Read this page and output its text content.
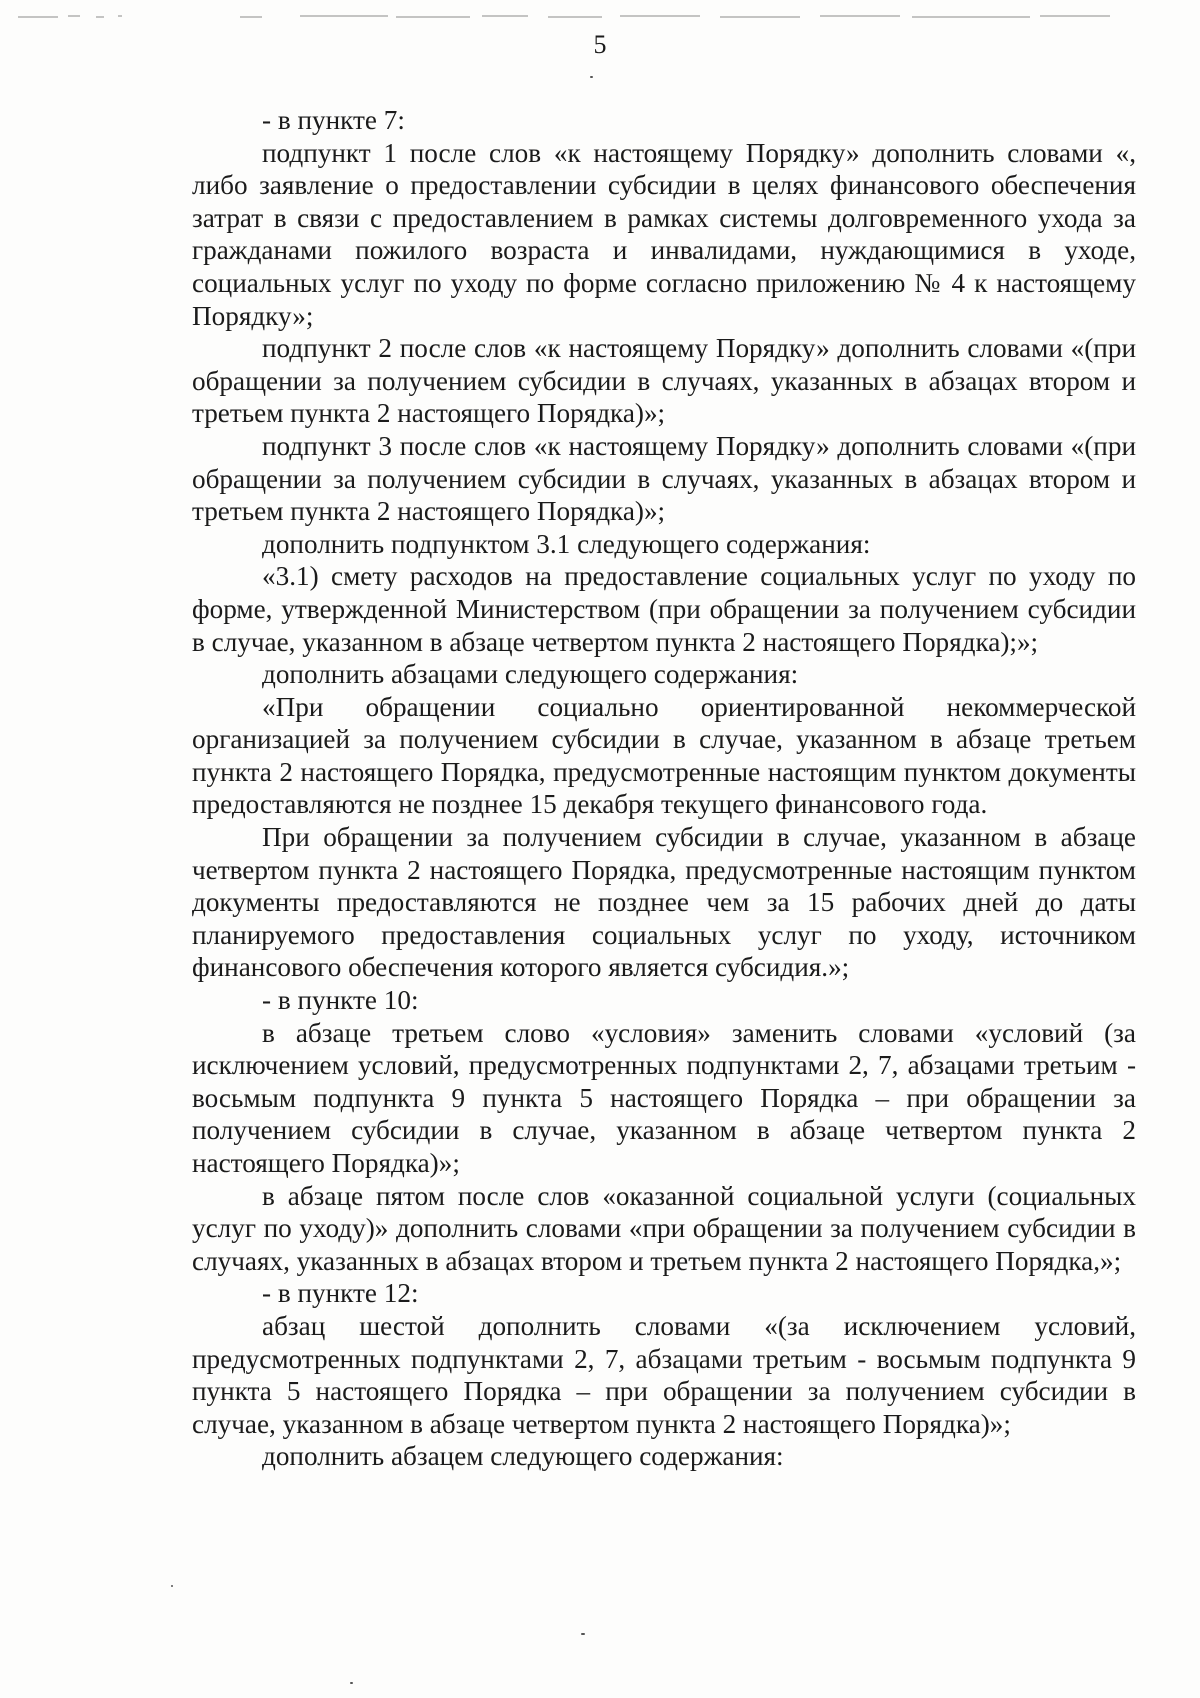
5

- в пункте 7:

подпункт 1 после слов «к настоящему Порядку» дополнить словами «, либо заявление о предоставлении субсидии в целях финансового обеспечения затрат в связи с предоставлением в рамках системы долговременного ухода за гражданами пожилого возраста и инвалидами, нуждающимися в уходе, социальных услуг по уходу по форме согласно приложению № 4 к настоящему Порядку»;

подпункт 2 после слов «к настоящему Порядку» дополнить словами «(при обращении за получением субсидии в случаях, указанных в абзацах втором и третьем пункта 2 настоящего Порядка)»;

подпункт 3 после слов «к настоящему Порядку» дополнить словами «(при обращении за получением субсидии в случаях, указанных в абзацах втором и третьем пункта 2 настоящего Порядка)»;

дополнить подпунктом 3.1 следующего содержания:

«3.1) смету расходов на предоставление социальных услуг по уходу по форме, утвержденной Министерством (при обращении за получением субсидии в случае, указанном в абзаце четвертом пункта 2 настоящего Порядка);»;

дополнить абзацами следующего содержания:

«При обращении социально ориентированной некоммерческой организацией за получением субсидии в случае, указанном в абзаце третьем пункта 2 настоящего Порядка, предусмотренные настоящим пунктом документы предоставляются не позднее 15 декабря текущего финансового года.

При обращении за получением субсидии в случае, указанном в абзаце четвертом пункта 2 настоящего Порядка, предусмотренные настоящим пунктом документы предоставляются не позднее чем за 15 рабочих дней до даты планируемого предоставления социальных услуг по уходу, источником финансового обеспечения которого является субсидия.»;

- в пункте 10:

в абзаце третьем слово «условия» заменить словами «условий (за исключением условий, предусмотренных подпунктами 2, 7, абзацами третьим - восьмым подпункта 9 пункта 5 настоящего Порядка – при обращении за получением субсидии в случае, указанном в абзаце четвертом пункта 2 настоящего Порядка)»;

в абзаце пятом после слов «оказанной социальной услуги (социальных услуг по уходу)» дополнить словами «при обращении за получением субсидии в случаях, указанных в абзацах втором и третьем пункта 2 настоящего Порядка,»;

- в пункте 12:

абзац шестой дополнить словами «(за исключением условий, предусмотренных подпунктами 2, 7, абзацами третьим - восьмым подпункта 9 пункта 5 настоящего Порядка – при обращении за получением субсидии в случае, указанном в абзаце четвертом пункта 2 настоящего Порядка)»;

дополнить абзацем следующего содержания:
